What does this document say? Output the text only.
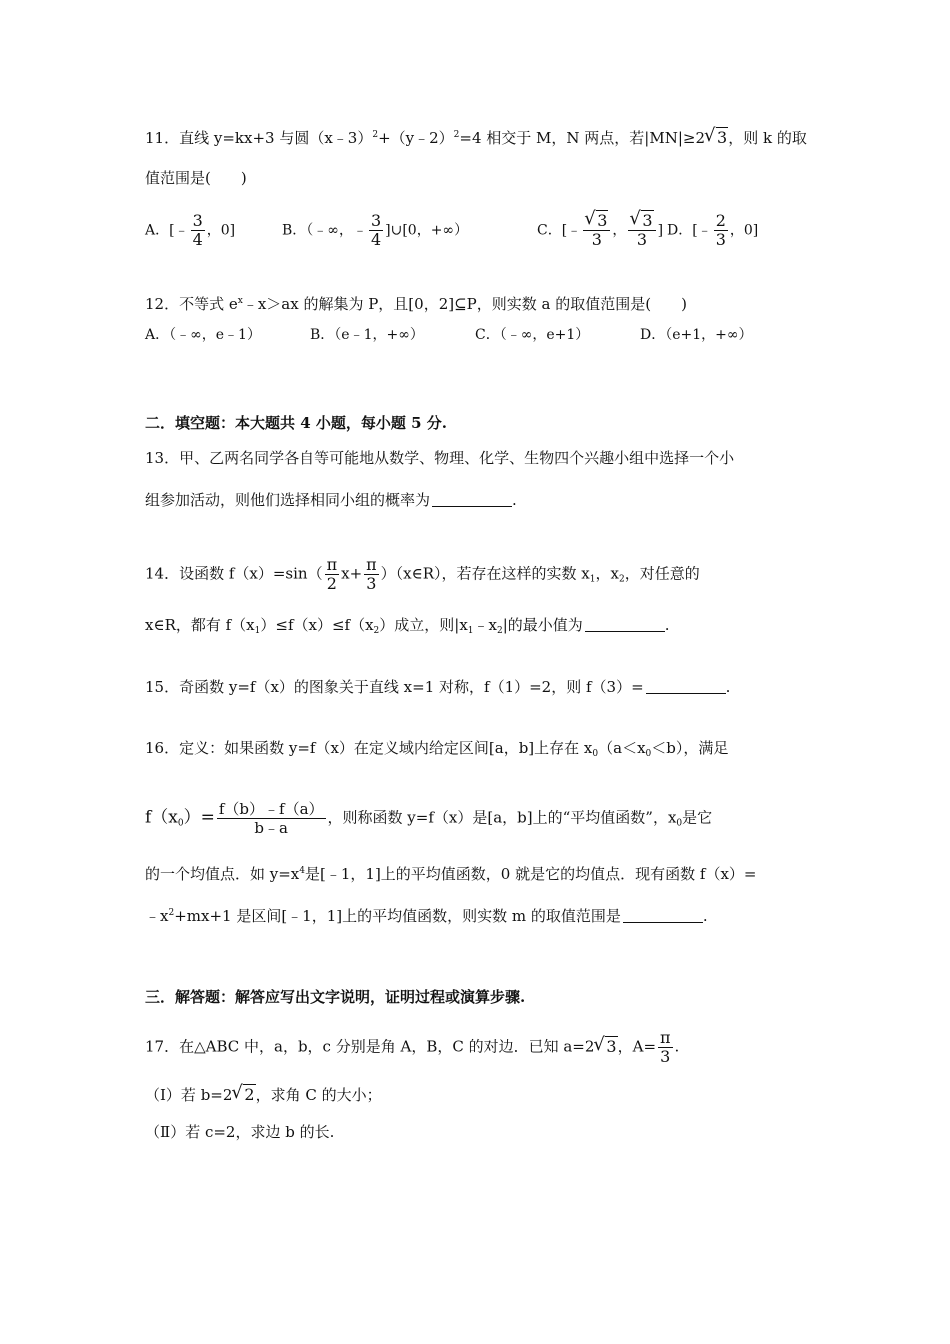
11．直线 y=kx+3 与圆（x﹣3）$^2$+（y﹣2）$^2$=4 相交于 M，N 两点，若|MN|≥2 √ 3，则 k 的取
值范围是(　　)
A．[﹣ $\frac{3}{4}$ ，0]	B．（﹣∞，﹣ $\frac{3}{4}$ ]∪[0，+∞）	C．[﹣ √ $\frac{3}{3}$ ， √ $\frac{3}{3}$ ] D．[﹣ $\frac{2}{3}$ ，0]
12．不等式 $e^x﹣x>ax$ 的解集为 P，且[0，2]⊆P，则实数 a 的取值范围是(　　)
A．（﹣∞，e﹣1）	B．（e﹣1，+∞）	C．（﹣∞，e+1）	D．（e+1，+∞）
二．填空题：本大题共 4 小题，每小题 5 分.
13．甲、乙两名同学各自等可能地从数学、物理、化学、生物四个兴趣小组中选择一个小
组参加活动，则他们选择相同小组的概率为	.
14．设函数 $f(x)=\sin( \frac{\pi}{2} x+ \frac{\pi}{3}$ ）（x∈R），若存在这样的实数 $x_1$，$x_2$，对任意的
x∈R，都有 $f(x_1)\le f(x)\le f(x_2)$成立，则$|x_1﹣x_2|$的最小值为	.
15．奇函数 y=f（x）的图象关于直线 x=1 对称，f（1）=2，则 f（3）=	.
16．定义：如果函数 y=f（x）在定义域内给定区间[a，b]上存在 $x_0(a<x_0<b)$，满足
$f(x_0)= \frac{f(b)﹣f(a)}{b﹣a}$ ，则称函数 y=f（x）是[a，b]上的“平均值函数”，$x_0$是它
的一个均值点．如 $y=x^4$是[﹣1，1]上的平均值函数，0 就是它的均值点．现有函数 f（x）=
$﹣x^2+mx+1$ 是区间[﹣1，1]上的平均值函数，则实数 m 的取值范围是	.
三．解答题：解答应写出文字说明，证明过程或演算步骤.
17．在△ABC 中，a，b，c 分别是角 A，B，C 的对边．已知 a=2 √ 3，$A= \frac{\pi}{3}$ .
（Ⅰ）若 b=2 √ 2，求角 C 的大小；
（Ⅱ）若 c=2，求边 b 的长.
